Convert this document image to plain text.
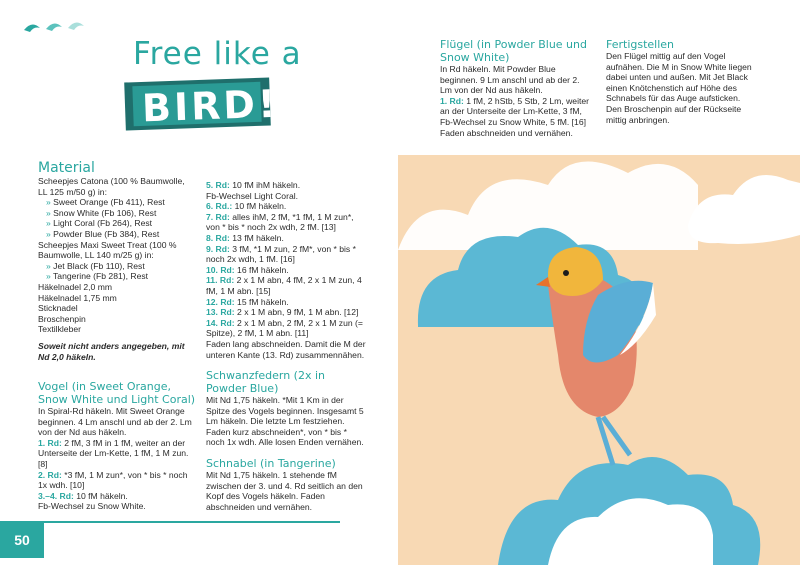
Free like a
BIRD!
Material
Scheepjes Catona (100 % Baumwolle,
LL 125 m/50 g) in:
» Sweet Orange (Fb 411), Rest
» Snow White (Fb 106), Rest
» Light Coral (Fb 264), Rest
» Powder Blue (Fb 384), Rest
Scheepjes Maxi Sweet Treat (100 %
Baumwolle, LL 140 m/25 g) in:
» Jet Black (Fb 110), Rest
» Tangerine (Fb 281), Rest
Häkelnadel 2,0 mm
Häkelnadel 1,75 mm
Sticknadel
Broschenpin
Textilkleber
Soweit nicht anders angegeben, mit Nd 2,0 häkeln.
Vogel (in Sweet Orange, Snow White und Light Coral)
In Spiral-Rd häkeln. Mit Sweet Orange beginnen. 4 Lm anschl und ab der 2. Lm von der Nd aus häkeln.
1. Rd: 2 fM, 3 fM in 1 fM, weiter an der Unterseite der Lm-Kette, 1 fM, 1 M zun. [8]
2. Rd: *3 fM, 1 M zun*, von * bis * noch 1x wdh. [10]
3.–4. Rd: 10 fM häkeln.
Fb-Wechsel zu Snow White.
5. Rd: 10 fM ihM häkeln.
Fb-Wechsel Light Coral.
6. Rd.: 10 fM häkeln.
7. Rd: alles ihM, 2 fM, *1 fM, 1 M zun*, von * bis * noch 2x wdh, 2 fM. [13]
8. Rd: 13 fM häkeln.
9. Rd: 3 fM, *1 M zun, 2 fM*, von * bis * noch 2x wdh, 1 fM. [16]
10. Rd: 16 fM häkeln.
11. Rd: 2 x 1 M abn, 4 fM, 2 x 1 M zun, 4 fM, 1 M abn. [15]
12. Rd: 15 fM häkeln.
13. Rd: 2 x 1 M abn, 9 fM, 1 M abn. [12]
14. Rd: 2 x 1 M abn, 2 fM, 2 x 1 M zun (= Spitze), 2 fM, 1 M abn. [11]
Faden lang abschneiden. Damit die M der unteren Kante (13. Rd) zusammennähen.
Schwanzfedern (2x in Powder Blue)
Mit Nd 1,75 häkeln. *Mit 1 Km in der Spitze des Vogels beginnen. Insgesamt 5 Lm häkeln. Die letzte Lm festziehen. Faden kurz abschneiden*, von * bis * noch 1x wdh. Alle losen Enden vernähen.
Schnabel (in Tangerine)
Mit Nd 1,75 häkeln. 1 stehende fM zwischen der 3. und 4. Rd seitlich an den Kopf des Vogels häkeln. Faden abschneiden und vernähen.
Flügel (in Powder Blue und Snow White)
In Rd häkeln. Mit Powder Blue beginnen. 9 Lm anschl und ab der 2. Lm von der Nd aus häkeln.
1. Rd: 1 fM, 2 hStb, 5 Stb, 2 Lm, weiter an der Unterseite der Lm-Kette, 3 fM, Fb-Wechsel zu Snow White, 5 fM. [16]
Faden abschneiden und vernähen.
Fertigstellen
Den Flügel mittig auf den Vogel aufnähen. Die M in Snow White liegen dabei unten und außen. Mit Jet Black einen Knötchenstich auf Höhe des Schnabels für das Auge aufsticken. Den Broschenpin auf der Rückseite mittig anbringen.
50
